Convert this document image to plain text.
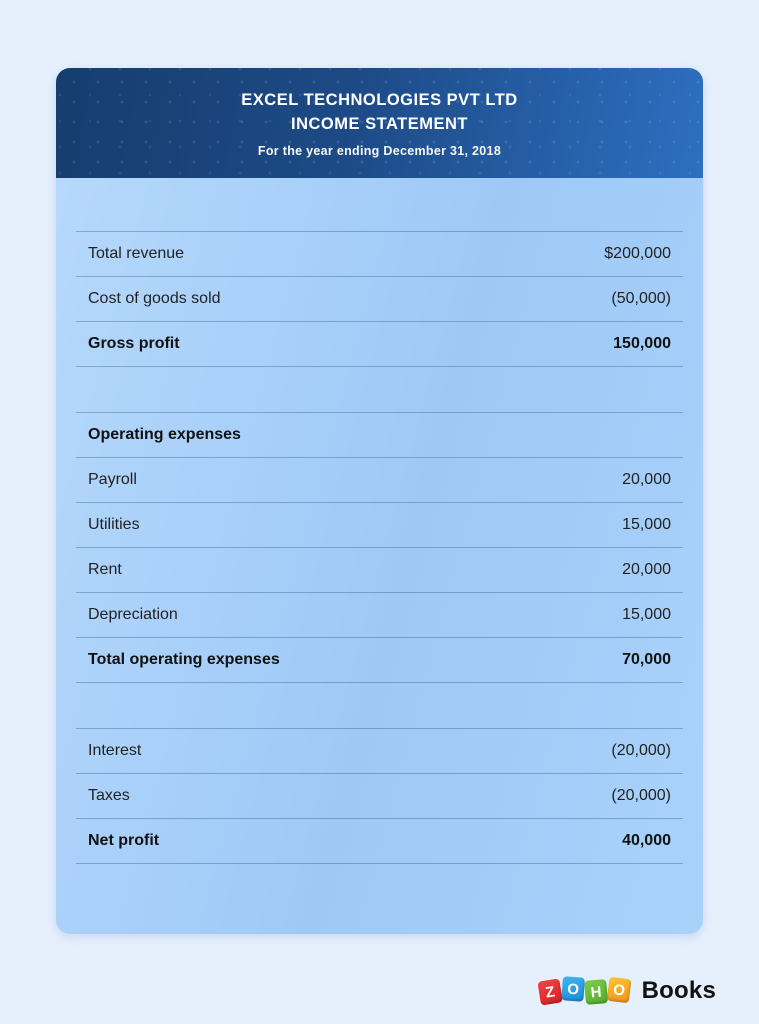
EXCEL TECHNOLOGIES PVT LTD
INCOME STATEMENT
For the year ending December 31, 2018
Total revenue	$200,000
Cost of goods sold	(50,000)
Gross profit	150,000
Operating expenses
Payroll	20,000
Utilities	15,000
Rent	20,000
Depreciation	15,000
Total operating expenses	70,000
Interest	(20,000)
Taxes	(20,000)
Net profit	40,000
Z O H O Books
